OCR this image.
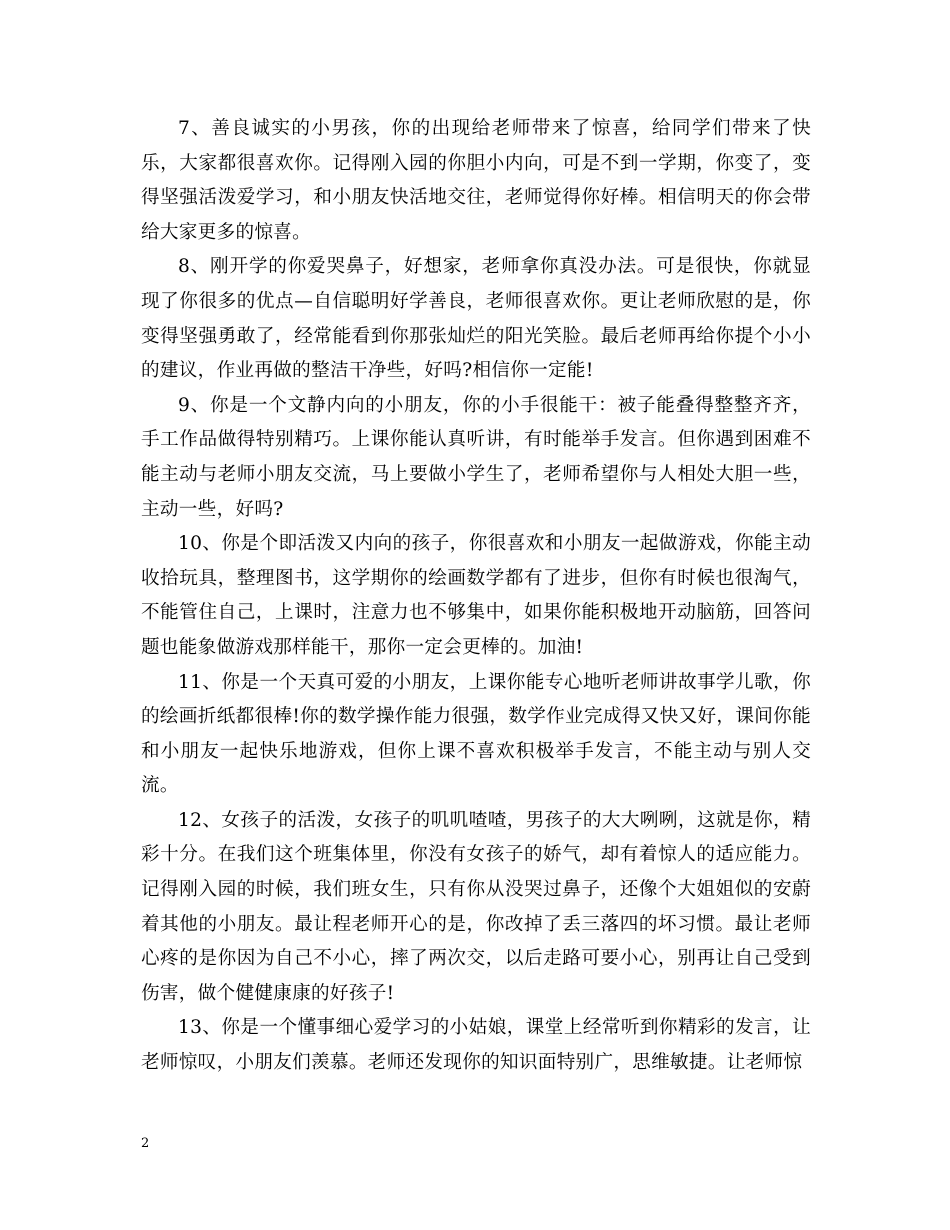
7、善良诚实的小男孩，你的出现给老师带来了惊喜，给同学们带来了快乐，大家都很喜欢你。记得刚入园的你胆小内向，可是不到一学期，你变了，变得坚强活泼爱学习，和小朋友快活地交往，老师觉得你好棒。相信明天的你会带给大家更多的惊喜。

8、刚开学的你爱哭鼻子，好想家，老师拿你真没办法。可是很快，你就显现了你很多的优点—自信聪明好学善良，老师很喜欢你。更让老师欣慰的是，你变得坚强勇敢了，经常能看到你那张灿烂的阳光笑脸。最后老师再给你提个小小的建议，作业再做的整洁干净些，好吗?相信你一定能!

9、你是一个文静内向的小朋友，你的小手很能干：被子能叠得整整齐齐，手工作品做得特别精巧。上课你能认真听讲，有时能举手发言。但你遇到困难不能主动与老师小朋友交流，马上要做小学生了，老师希望你与人相处大胆一些，主动一些，好吗?

10、你是个即活泼又内向的孩子，你很喜欢和小朋友一起做游戏，你能主动收拾玩具，整理图书，这学期你的绘画数学都有了进步，但你有时候也很淘气，不能管住自己，上课时，注意力也不够集中，如果你能积极地开动脑筋，回答问题也能象做游戏那样能干，那你一定会更棒的。加油!

11、你是一个天真可爱的小朋友，上课你能专心地听老师讲故事学儿歌，你的绘画折纸都很棒!你的数学操作能力很强，数学作业完成得又快又好，课间你能和小朋友一起快乐地游戏，但你上课不喜欢积极举手发言，不能主动与别人交流。

12、女孩子的活泼，女孩子的叽叽喳喳，男孩子的大大咧咧，这就是你，精彩十分。在我们这个班集体里，你没有女孩子的娇气，却有着惊人的适应能力。记得刚入园的时候，我们班女生，只有你从没哭过鼻子，还像个大姐姐似的安蔚着其他的小朋友。最让程老师开心的是，你改掉了丢三落四的坏习惯。最让老师心疼的是你因为自己不小心，摔了两次交，以后走路可要小心，别再让自己受到伤害，做个健健康康的好孩子!

13、你是一个懂事细心爱学习的小姑娘，课堂上经常听到你精彩的发言，让老师惊叹，小朋友们羡慕。老师还发现你的知识面特别广，思维敏捷。让老师惊

2
